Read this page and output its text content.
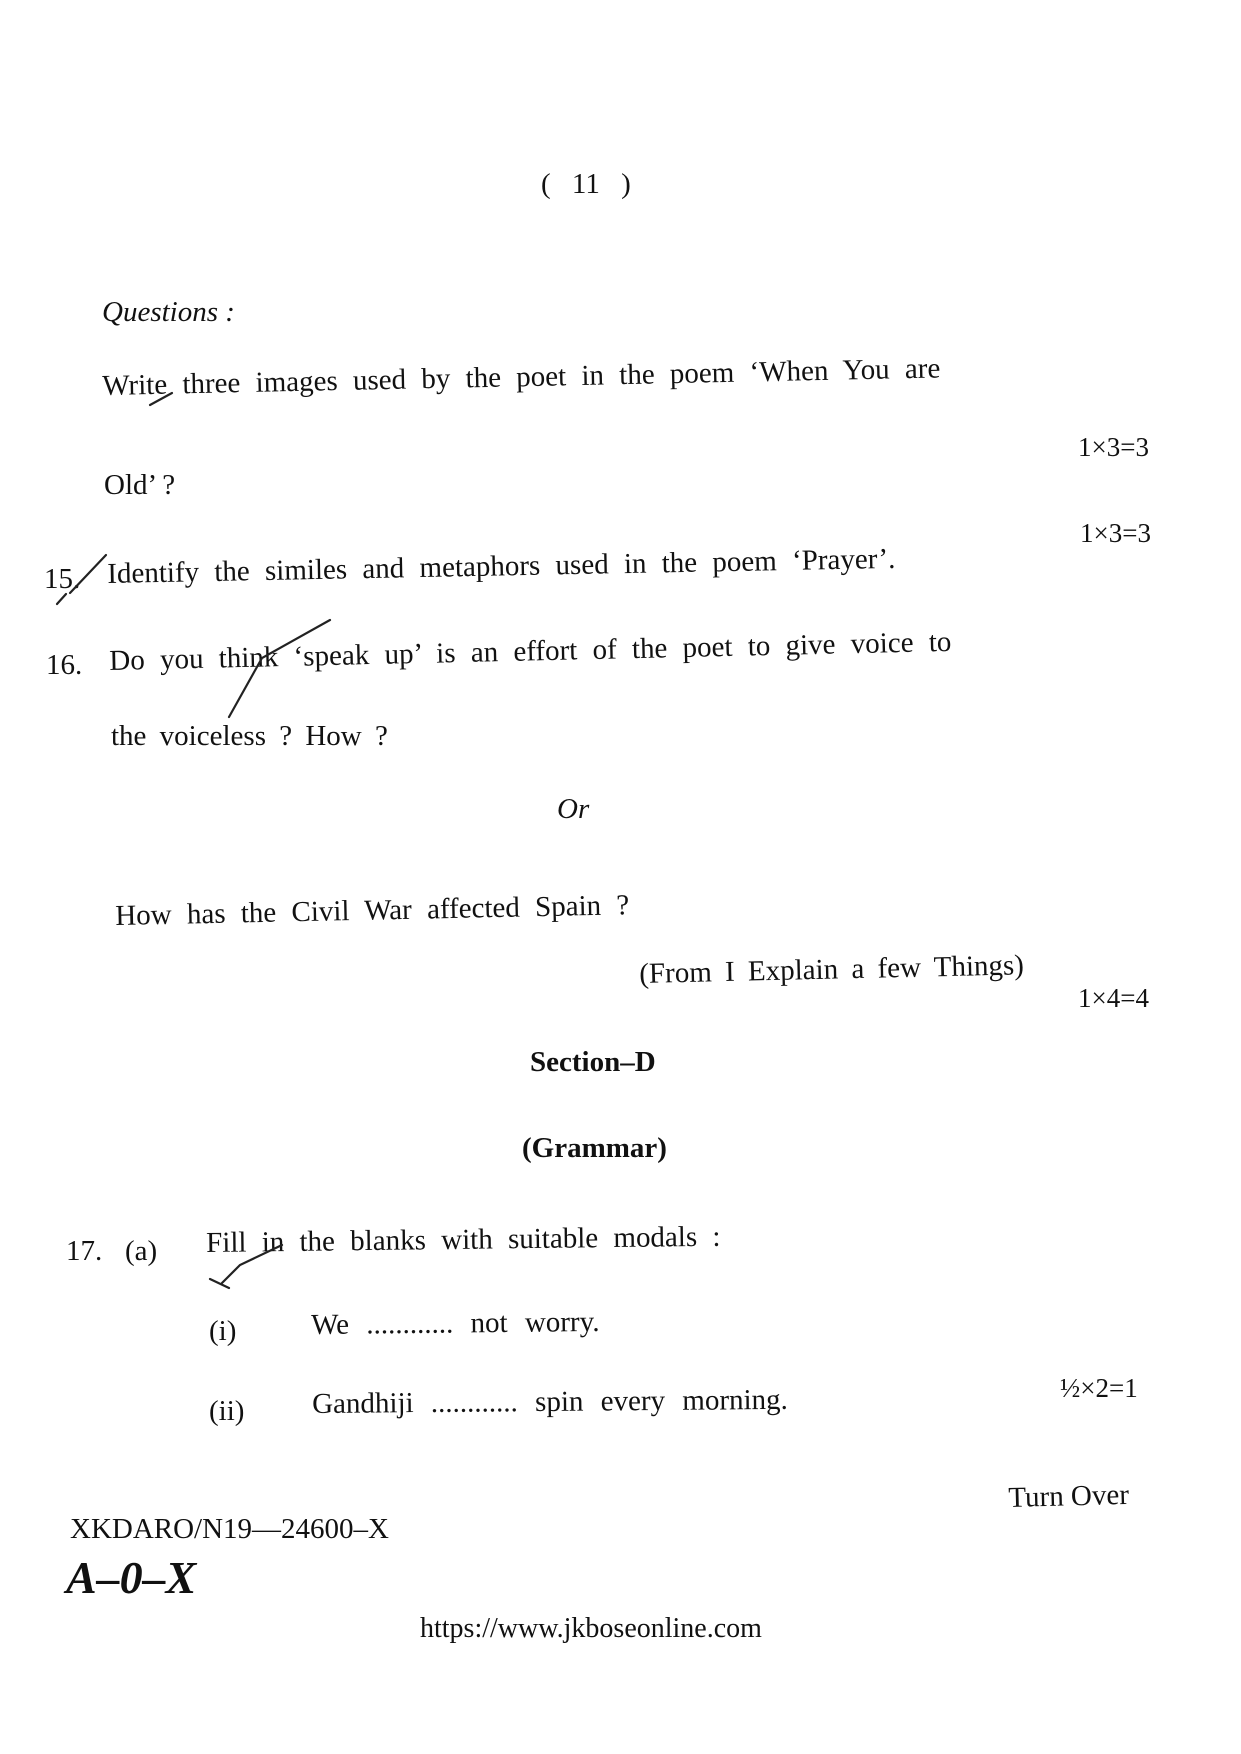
( 11 )
Questions :
Write three images used by the poet in the poem ‘When You are
Old’ ?
1×3=3
15. Identify the similes and metaphors used in the poem ‘Prayer’.
1×3=3
16. Do you think ‘speak up’ is an effort of the poet to give voice to
the voiceless ? How ?
Or
How has the Civil War affected Spain ?
(From I Explain a few Things)
1×4=4
Section–D
(Grammar)
17. (a) Fill in the blanks with suitable modals :
(i)	We ............ not worry.
(ii) Gandhiji ............ spin every morning.	½×2=1
Turn Over
XKDARO/N19—24600–X
A–0–X
https://www.jkboseonline.com
